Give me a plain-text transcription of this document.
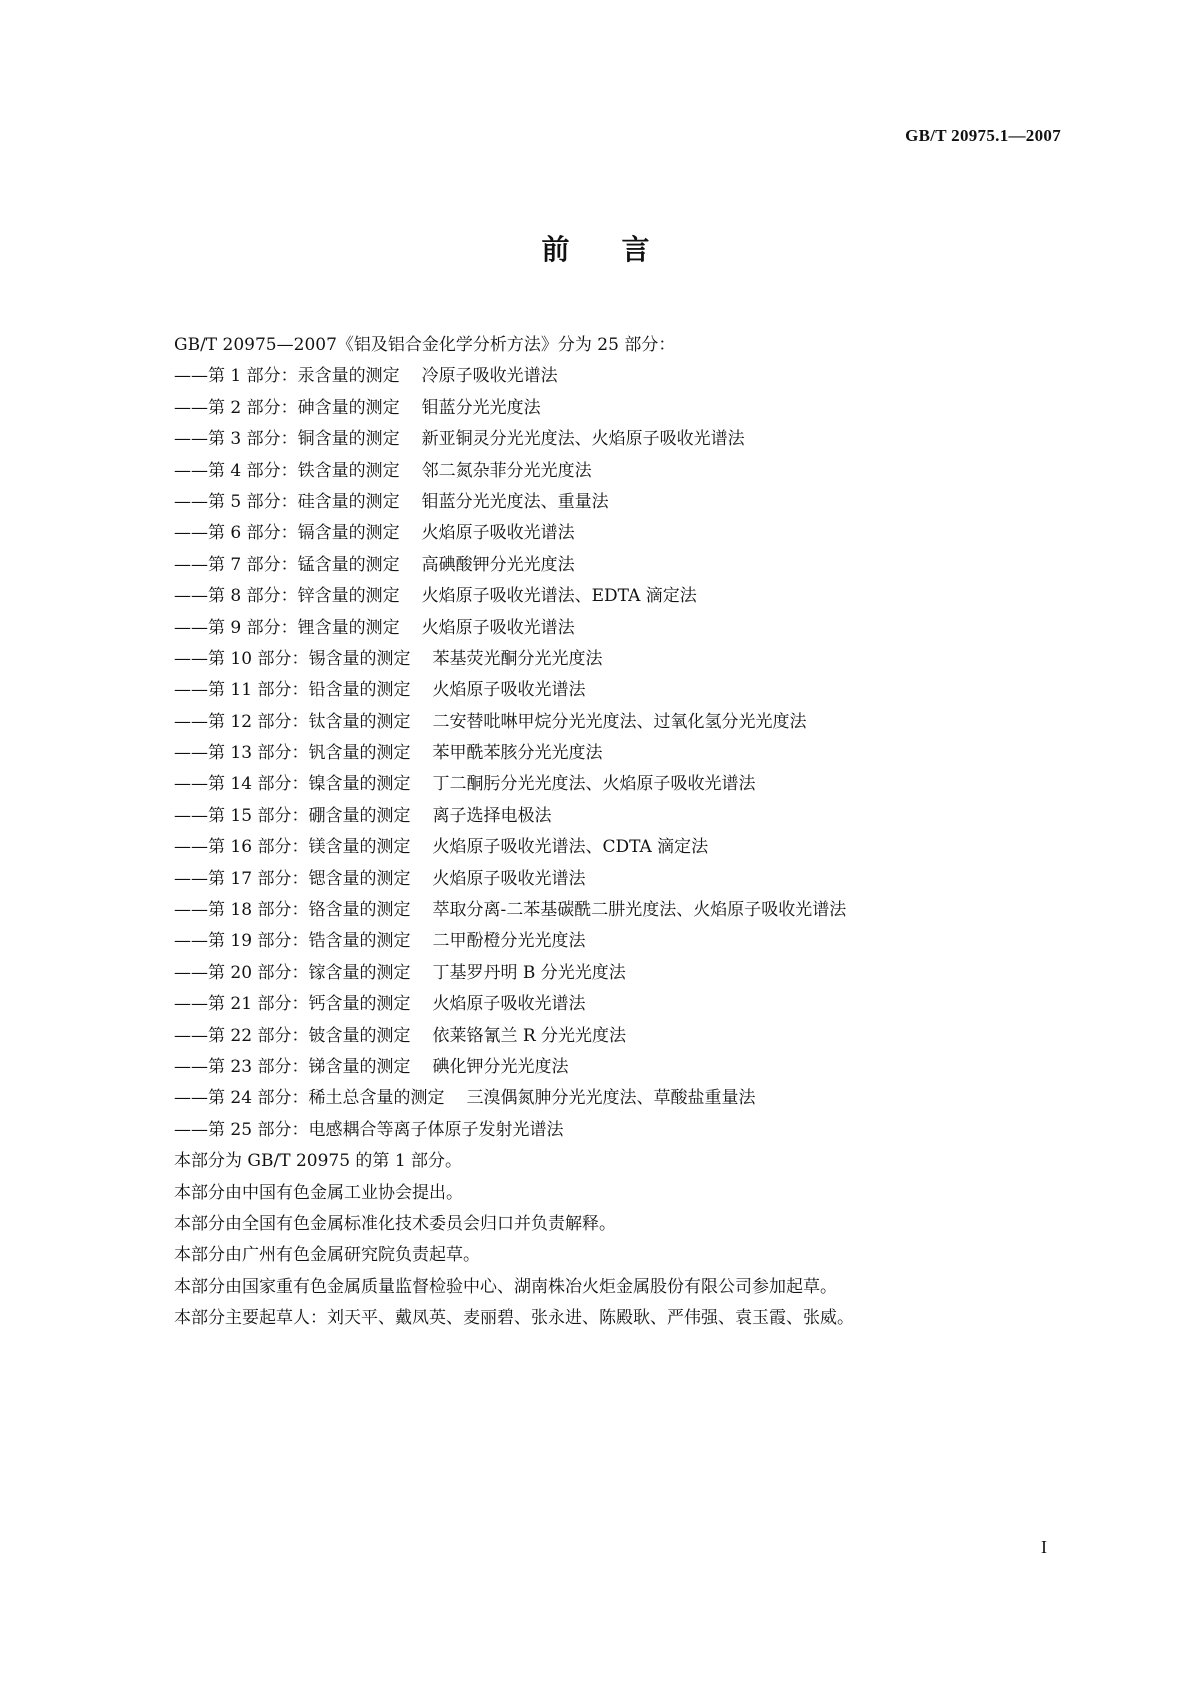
GB/T 20975.1—2007
前言
GB/T 20975—2007《铝及铝合金化学分析方法》分为 25 部分：
——第 1 部分：汞含量的测定 冷原子吸收光谱法
——第 2 部分：砷含量的测定 钼蓝分光光度法
——第 3 部分：铜含量的测定 新亚铜灵分光光度法、火焰原子吸收光谱法
——第 4 部分：铁含量的测定 邻二氮杂菲分光光度法
——第 5 部分：硅含量的测定 钼蓝分光光度法、重量法
——第 6 部分：镉含量的测定 火焰原子吸收光谱法
——第 7 部分：锰含量的测定 高碘酸钾分光光度法
——第 8 部分：锌含量的测定 火焰原子吸收光谱法、EDTA 滴定法
——第 9 部分：锂含量的测定 火焰原子吸收光谱法
——第 10 部分：锡含量的测定 苯基荧光酮分光光度法
——第 11 部分：铅含量的测定 火焰原子吸收光谱法
——第 12 部分：钛含量的测定 二安替吡啉甲烷分光光度法、过氧化氢分光光度法
——第 13 部分：钒含量的测定 苯甲酰苯胲分光光度法
——第 14 部分：镍含量的测定 丁二酮肟分光光度法、火焰原子吸收光谱法
——第 15 部分：硼含量的测定 离子选择电极法
——第 16 部分：镁含量的测定 火焰原子吸收光谱法、CDTA 滴定法
——第 17 部分：锶含量的测定 火焰原子吸收光谱法
——第 18 部分：铬含量的测定 萃取分离-二苯基碳酰二肼光度法、火焰原子吸收光谱法
——第 19 部分：锆含量的测定 二甲酚橙分光光度法
——第 20 部分：镓含量的测定 丁基罗丹明 B 分光光度法
——第 21 部分：钙含量的测定 火焰原子吸收光谱法
——第 22 部分：铍含量的测定 依莱铬氰兰 R 分光光度法
——第 23 部分：锑含量的测定 碘化钾分光光度法
——第 24 部分：稀土总含量的测定 三溴偶氮胂分光光度法、草酸盐重量法
——第 25 部分：电感耦合等离子体原子发射光谱法
本部分为 GB/T 20975 的第 1 部分。
本部分由中国有色金属工业协会提出。
本部分由全国有色金属标准化技术委员会归口并负责解释。
本部分由广州有色金属研究院负责起草。
本部分由国家重有色金属质量监督检验中心、湖南株冶火炬金属股份有限公司参加起草。
本部分主要起草人：刘天平、戴凤英、麦丽碧、张永进、陈殿耿、严伟强、袁玉霞、张威。
I
